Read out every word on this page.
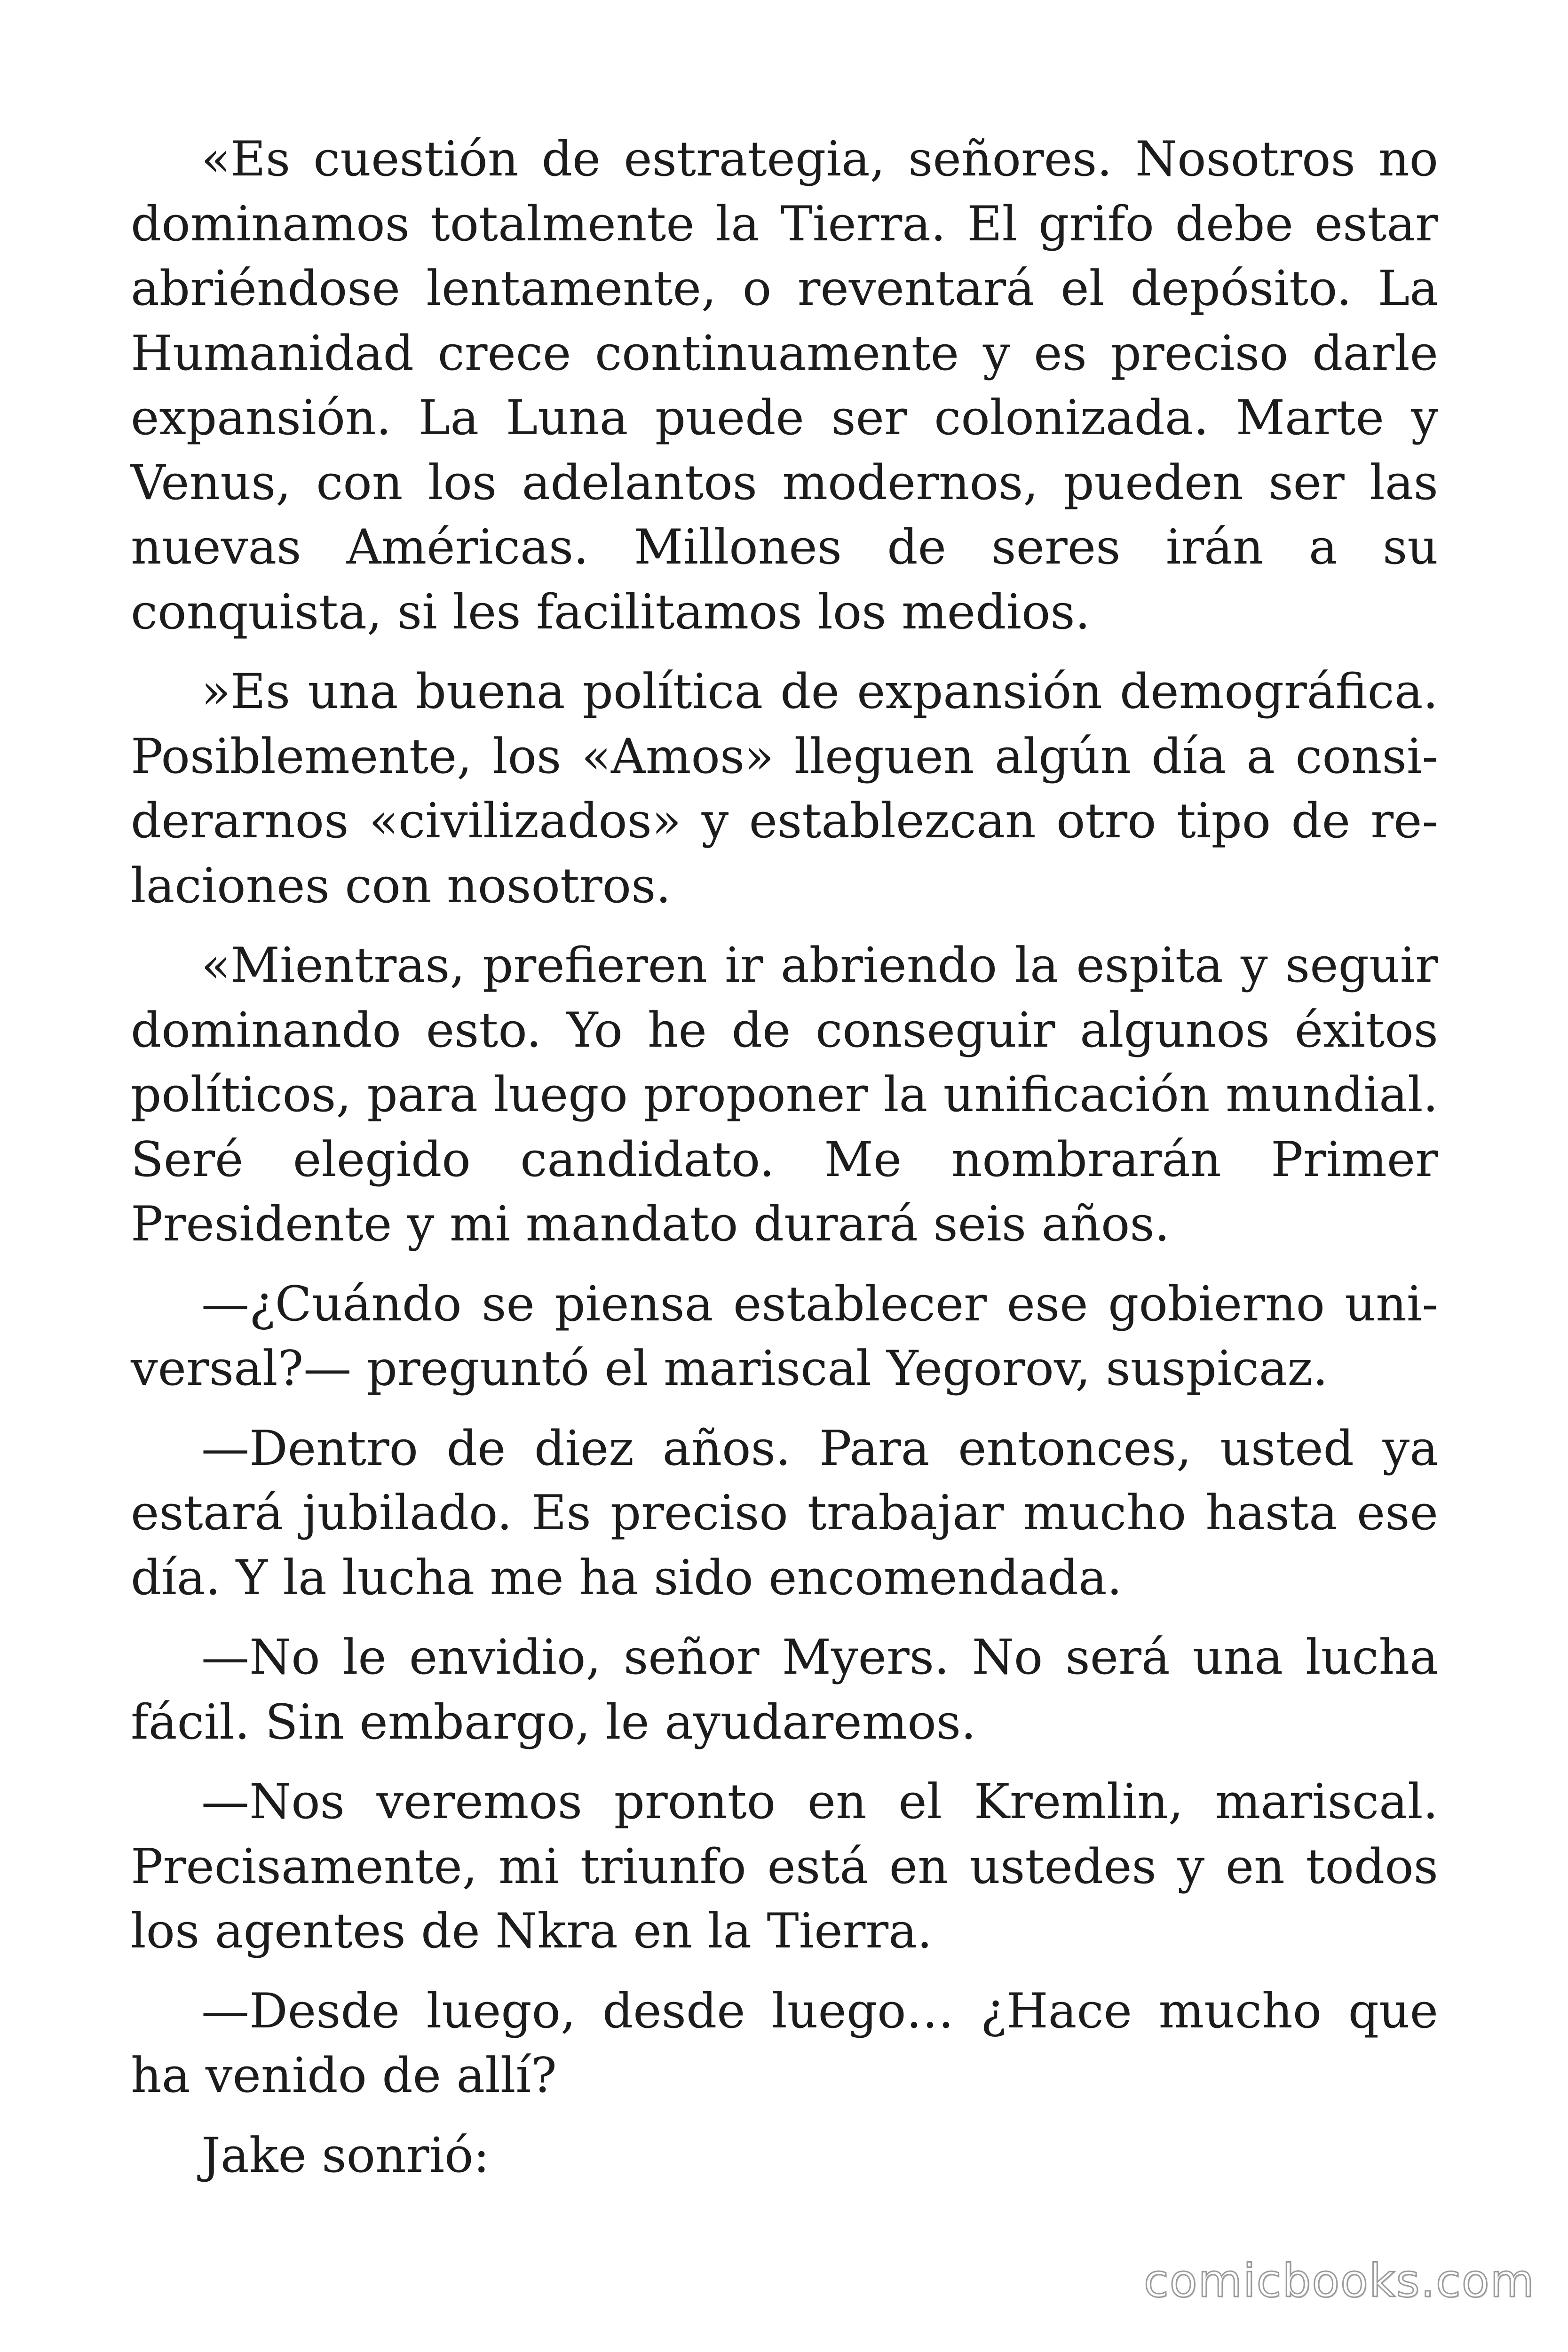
«Es cuestión de estrategia, señores. Nosotros no dominamos totalmente la Tierra. El grifo debe estar abriéndose lentamente, o reventará el depósito. La Humanidad crece continuamente y es preciso darle expansión. La Luna puede ser colonizada. Marte y Venus, con los adelantos modernos, pueden ser las nuevas Américas. Millones de seres irán a su conquista, si les facilitamos los medios.

»Es una buena política de expansión demográfica. Posiblemente, los «Amos» lleguen algún día a considerarnos «civilizados» y establezcan otro tipo de relaciones con nosotros.

«Mientras, prefieren ir abriendo la espita y seguir dominando esto. Yo he de conseguir algunos éxitos políticos, para luego proponer la unificación mundial. Seré elegido candidato. Me nombrarán Primer Presidente y mi mandato durará seis años.

—¿Cuándo se piensa establecer ese gobierno universal?— preguntó el mariscal Yegorov, suspicaz.

—Dentro de diez años. Para entonces, usted ya estará jubilado. Es preciso trabajar mucho hasta ese día. Y la lucha me ha sido encomendada.

—No le envidio, señor Myers. No será una lucha fácil. Sin embargo, le ayudaremos.

—Nos veremos pronto en el Kremlin, mariscal. Precisamente, mi triunfo está en ustedes y en todos los agentes de Nkra en la Tierra.

—Desde luego, desde luego… ¿Hace mucho que ha venido de allí?

Jake sonrió:

comicbooks.com
